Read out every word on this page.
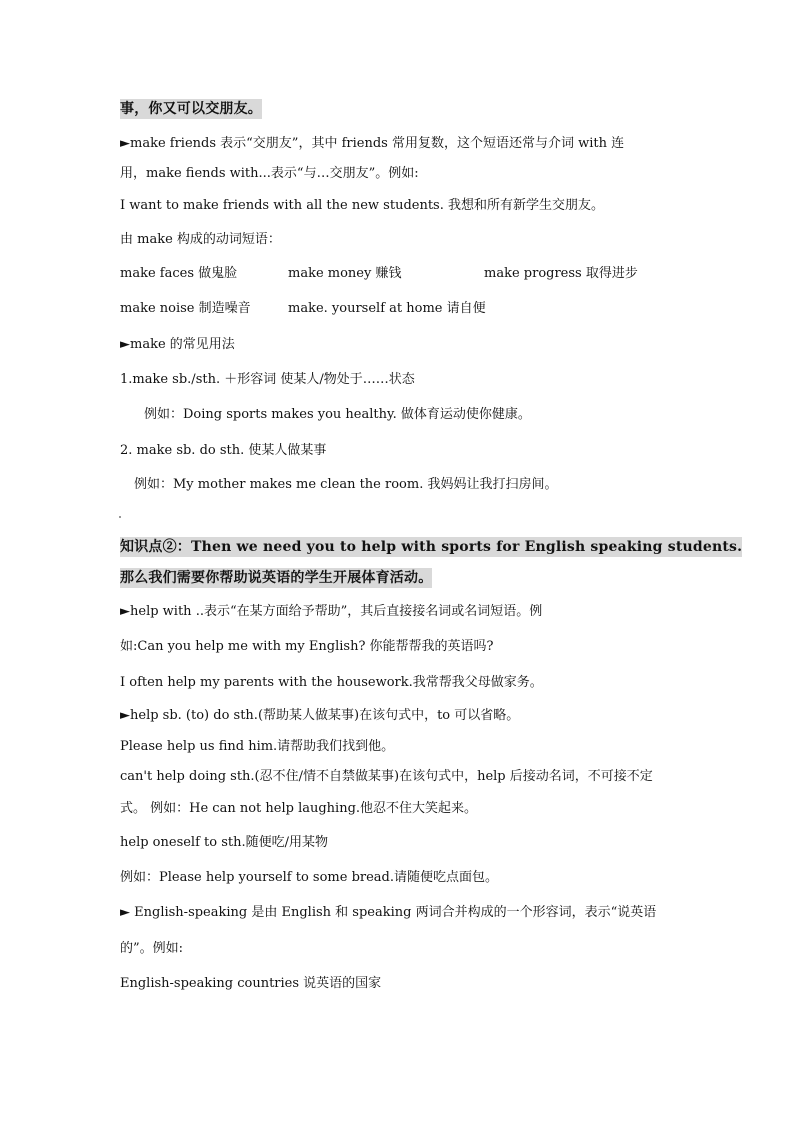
事，你又可以交朋友。
►make friends 表示“交朋友”，其中 friends 常用复数，这个短语还常与介词 with 连
用，make fiends with...表示“与…交朋友”。例如:
I want to make friends with all the new students. 我想和所有新学生交朋友。
由 make 构成的动词短语：
make faces 做鬼脸	make money 赚钱	make progress 取得进步
make noise 制造噪音	make. yourself at home 请自便
►make 的常见用法
1.make sb./sth. ＋形容词 使某人/物处于……状态
例如：Doing sports makes you healthy. 做体育运动使你健康。
2. make sb. do sth. 使某人做某事
例如：My mother makes me clean the room. 我妈妈让我打扫房间。
知识点②：Then we need you to help with sports for English speaking students.
那么我们需要你帮助说英语的学生开展体育活动。
►help with ..表示“在某方面给予帮助”，其后直接接名词或名词短语。例
如:Can you help me with my English? 你能帮帮我的英语吗?
I often help my parents with the housework.我常帮我父母做家务。
►help sb. (to) do sth.(帮助某人做某事)在该句式中，to 可以省略。
Please help us find him.请帮助我们找到他。
can't help doing sth.(忍不住/情不自禁做某事)在该句式中，help 后接动名词，不可接不定
式。 例如：He can not help laughing.他忍不住大笑起来。
help oneself to sth.随便吃/用某物
例如：Please help yourself to some bread.请随便吃点面包。
► English-speaking 是由 English 和 speaking 两词合并构成的一个形容词，表示“说英语
的”。例如:
English-speaking countries 说英语的国家
